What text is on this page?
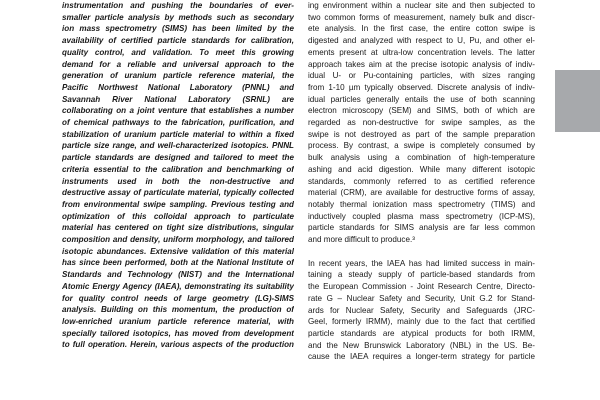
instrumentation and pushing the boundaries of ever-
smaller particle analysis by methods such as secondary
ion mass spectrometry (SIMS) has been limited by the
availability of certified particle standards for calibration,
quality control, and validation. To meet this growing
demand for a reliable and universal approach to the
generation of uranium particle reference material, the
Pacific Northwest National Laboratory (PNNL) and
Savannah River National Laboratory (SRNL) are
collaborating on a joint venture that establishes a number
of chemical pathways to the fabrication, purification, and
stabilization of uranium particle material to within a fixed
particle size range, and well-characterized isotopics. PNNL
particle standards are designed and tailored to meet the
criteria essential to the calibration and benchmarking of
instruments used in both the non-destructive and
destructive assay of particulate material, typically collected
from environmental swipe sampling. Previous testing and
optimization of this colloidal approach to particulate
material has centered on tight size distributions, singular
composition and density, uniform morphology, and tailored
isotopic abundances. Extensive validation of this material
has since been performed, both at the National Institute of
Standards and Technology (NIST) and the International
Atomic Energy Agency (IAEA), demonstrating its suitability
for quality control needs of large geometry (LG)-SIMS
analysis. Building on this momentum, the production of
low-enriched uranium particle reference material, with
specially tailored isotopics, has moved from development
to full operation. Herein, various aspects of the production
ing environment within a nuclear site and then subjected to
two common forms of measurement, namely bulk and discr-
ete analysis. In the first case, the entire cotton swipe is
digested and analyzed with respect to U, Pu, and other el-
ements present at ultra-low concentration levels. The latter
approach takes aim at the precise isotopic analysis of indiv-
idual U- or Pu-containing particles, with sizes ranging
from 1-10 µm typically observed. Discrete analysis of indiv-
idual particles generally entails the use of both scanning
electron microscopy (SEM) and SIMS, both of which are
regarded as non-destructive for swipe samples, as the
swipe is not destroyed as part of the sample preparation
process. By contrast, a swipe is completely consumed by
bulk analysis using a combination of high-temperature
ashing and acid digestion. While many different isotopic
standards, commonly referred to as certified reference
material (CRM), are available for destructive forms of assay,
notably thermal ionization mass spectrometry (TIMS) and
inductively coupled plasma mass spectrometry (ICP-MS),
particle standards for SIMS analysis are far less common
and more difficult to produce.³
In recent years, the IAEA has had limited success in main-
taining a steady supply of particle-based standards from
the European Commission - Joint Research Centre, Directo-
rate G – Nuclear Safety and Security, Unit G.2 for Stand-
ards for Nuclear Safety, Security and Safeguards (JRC-
Geel, formerly IRMM), mainly due to the fact that certified
particle standards are atypical products for both IRMM,
and the New Brunswick Laboratory (NBL) in the US. Be-
cause the IAEA requires a longer-term strategy for particle
